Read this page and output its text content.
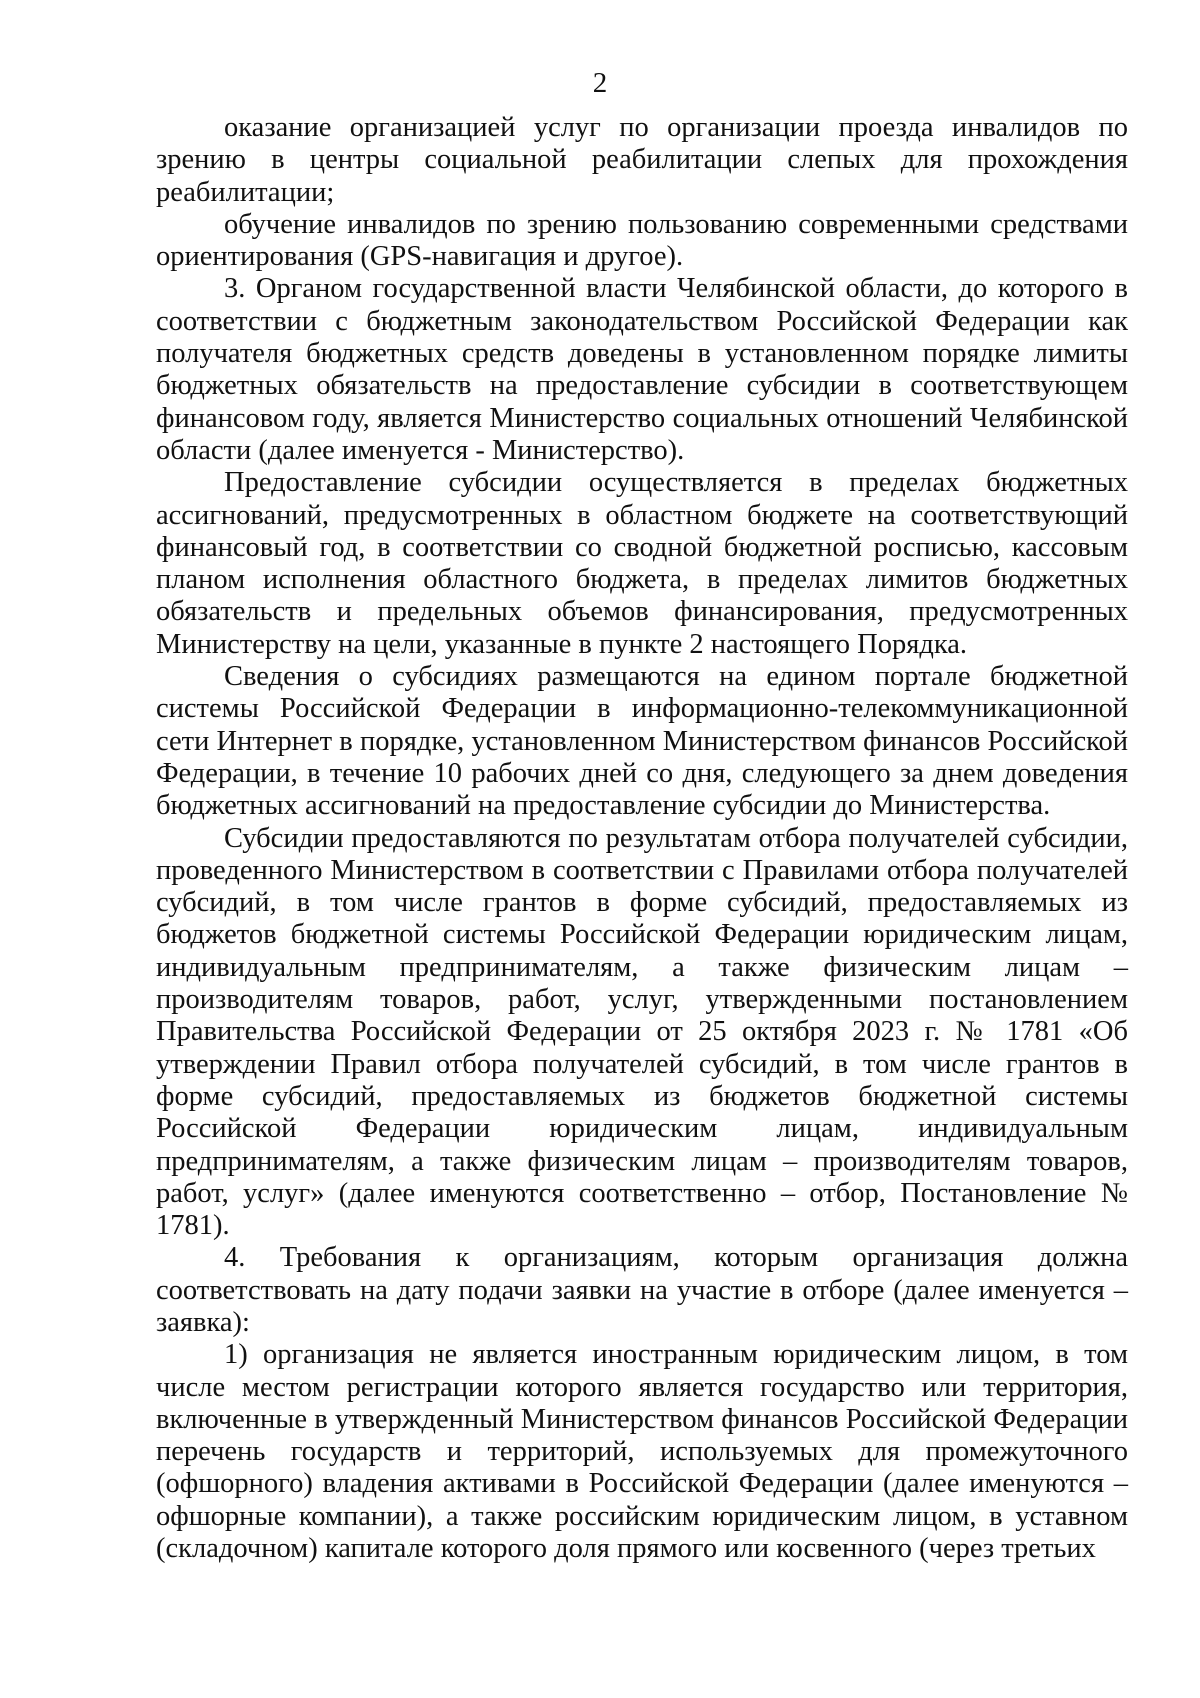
2

оказание организацией услуг по организации проезда инвалидов по зрению в центры социальной реабилитации слепых для прохождения реабилитации;

обучение инвалидов по зрению пользованию современными средствами ориентирования (GPS-навигация и другое).

3. Органом государственной власти Челябинской области, до которого в соответствии с бюджетным законодательством Российской Федерации как получателя бюджетных средств доведены в установленном порядке лимиты бюджетных обязательств на предоставление субсидии в соответствующем финансовом году, является Министерство социальных отношений Челябинской области (далее именуется - Министерство).

Предоставление субсидии осуществляется в пределах бюджетных ассигнований, предусмотренных в областном бюджете на соответствующий финансовый год, в соответствии со сводной бюджетной росписью, кассовым планом исполнения областного бюджета, в пределах лимитов бюджетных обязательств и предельных объемов финансирования, предусмотренных Министерству на цели, указанные в пункте 2 настоящего Порядка.

Сведения о субсидиях размещаются на едином портале бюджетной системы Российской Федерации в информационно-телекоммуникационной сети Интернет в порядке, установленном Министерством финансов Российской Федерации, в течение 10 рабочих дней со дня, следующего за днем доведения бюджетных ассигнований на предоставление субсидии до Министерства.

Субсидии предоставляются по результатам отбора получателей субсидии, проведенного Министерством в соответствии с Правилами отбора получателей субсидий, в том числе грантов в форме субсидий, предоставляемых из бюджетов бюджетной системы Российской Федерации юридическим лицам, индивидуальным предпринимателям, а также физическим лицам – производителям товаров, работ, услуг, утвержденными постановлением Правительства Российской Федерации от 25 октября 2023 г. № 1781 «Об утверждении Правил отбора получателей субсидий, в том числе грантов в форме субсидий, предоставляемых из бюджетов бюджетной системы Российской Федерации юридическим лицам, индивидуальным предпринимателям, а также физическим лицам – производителям товаров, работ, услуг» (далее именуются соответственно – отбор, Постановление № 1781).

4. Требования к организациям, которым организация должна соответствовать на дату подачи заявки на участие в отборе (далее именуется – заявка):

1) организация не является иностранным юридическим лицом, в том числе местом регистрации которого является государство или территория, включенные в утвержденный Министерством финансов Российской Федерации перечень государств и территорий, используемых для промежуточного (офшорного) владения активами в Российской Федерации (далее именуются – офшорные компании), а также российским юридическим лицом, в уставном (складочном) капитале которого доля прямого или косвенного (через третьих
